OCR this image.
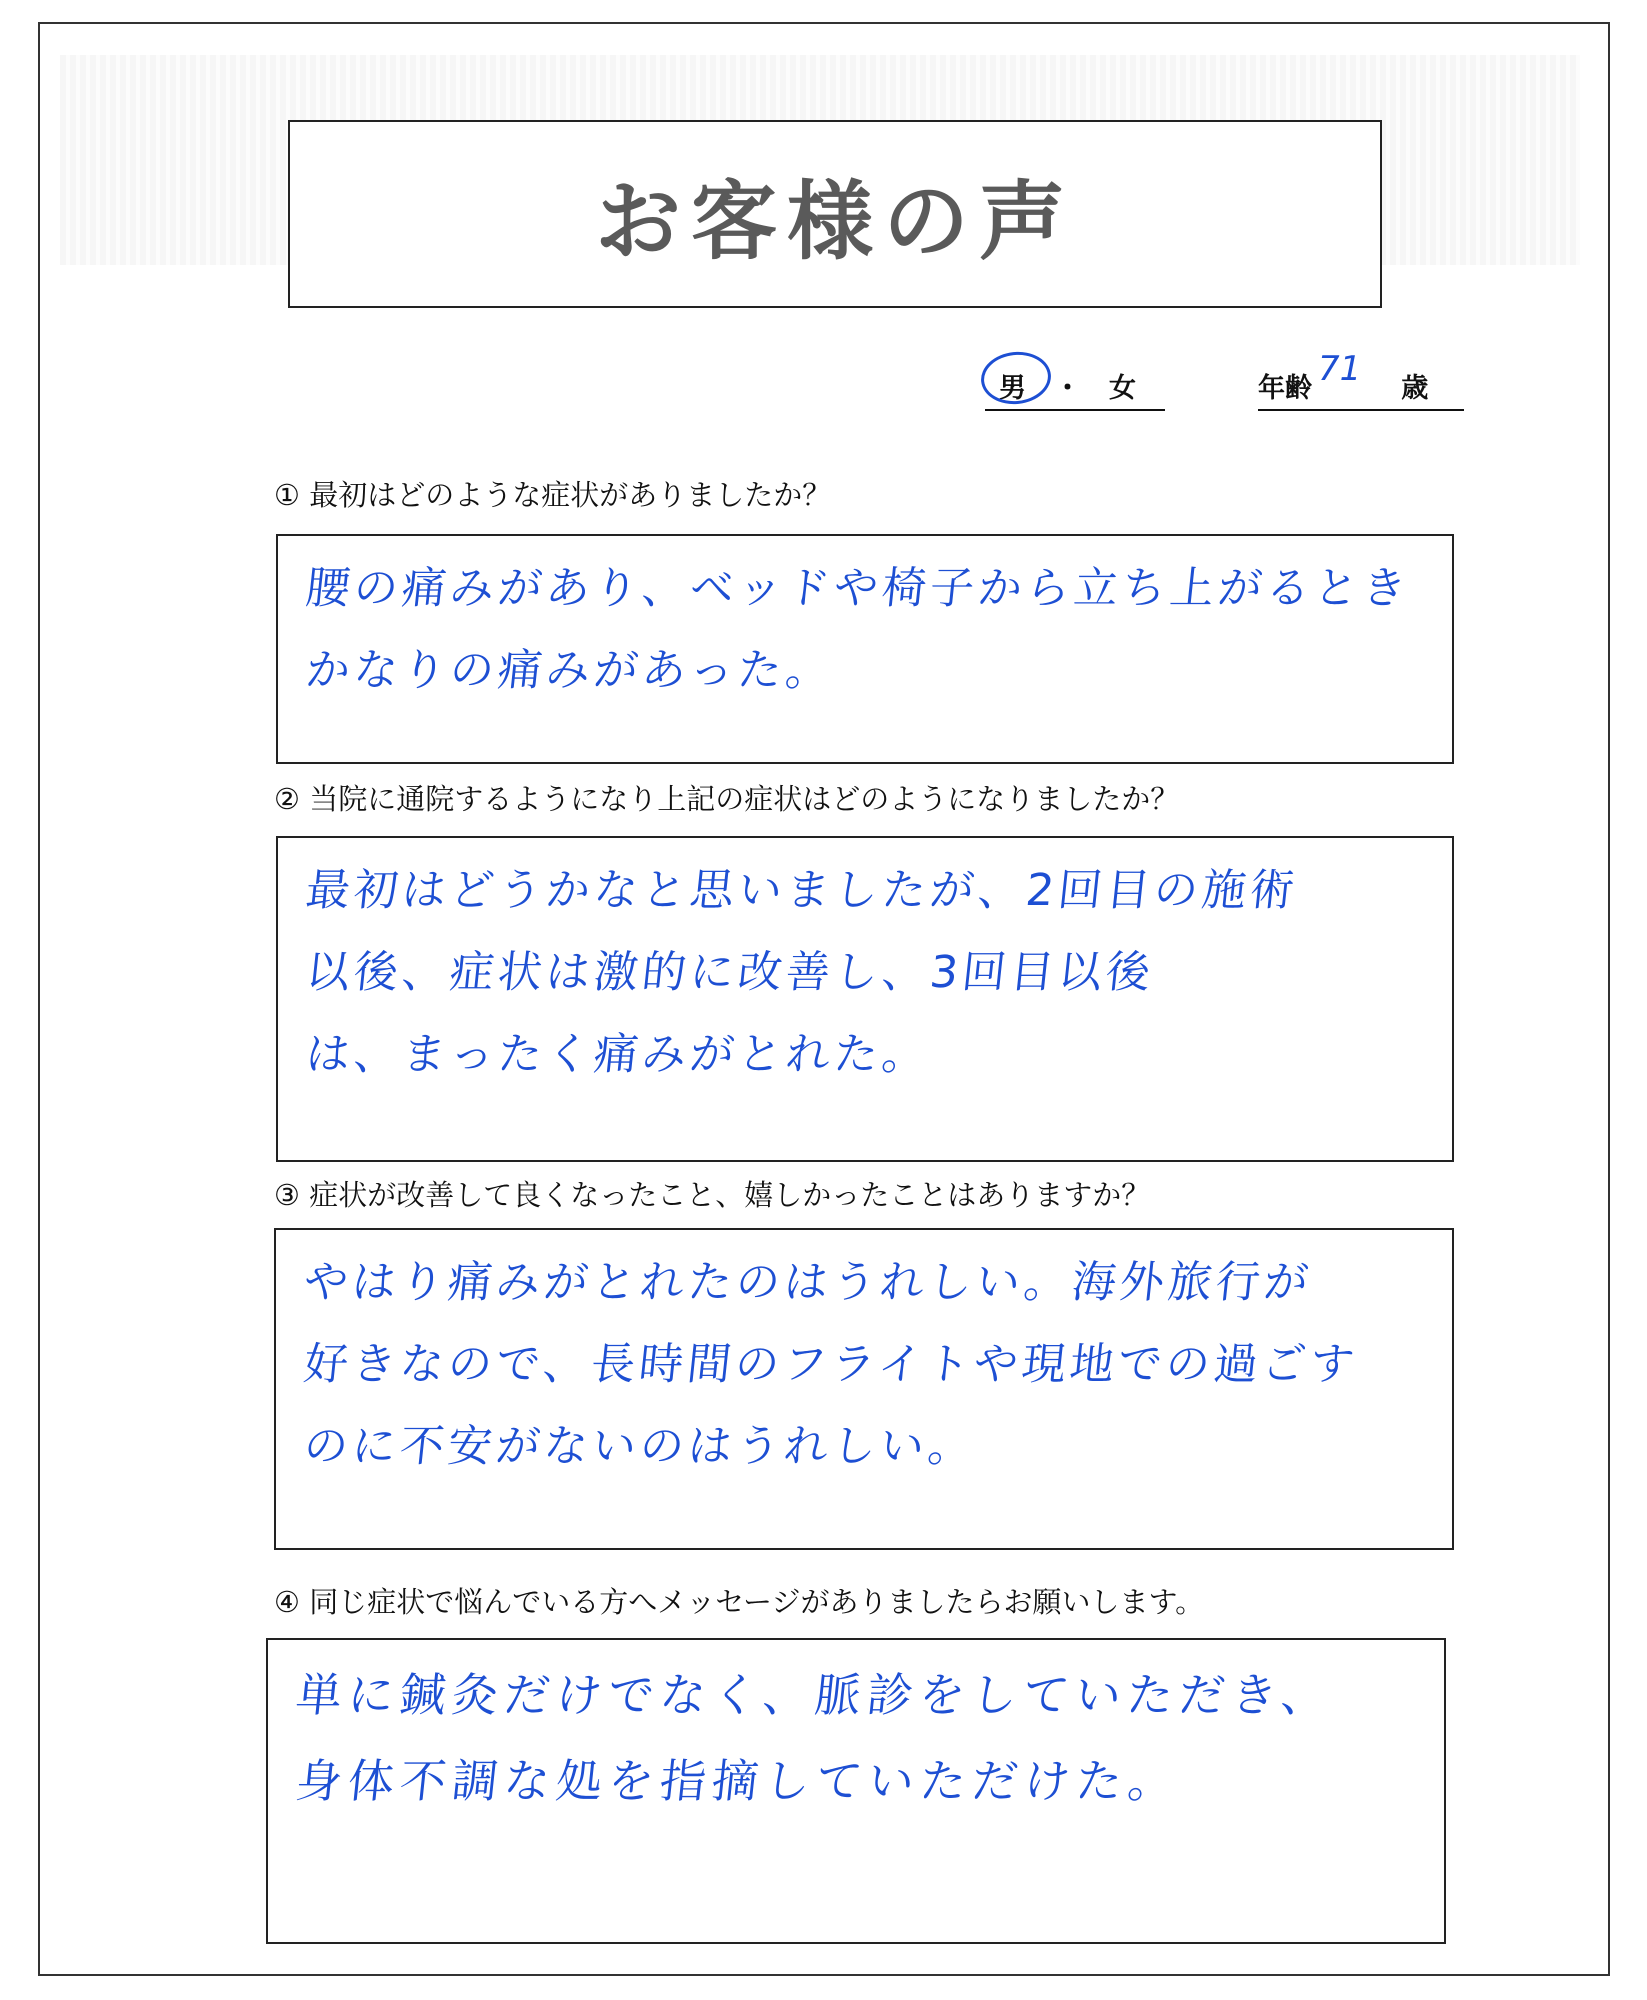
お客様の声
男 ・ 女	年齢 71 歳
① 最初はどのような症状がありましたか？
腰の痛みがあり、ベッドや椅子から立ち上がるとき
かなりの痛みがあった。
② 当院に通院するようになり上記の症状はどのようになりましたか？
最初はどうかなと思いましたが、2回目の施術
以後、症状は激的に改善し、3回目以後
は、まったく痛みがとれた。
③ 症状が改善して良くなったこと、嬉しかったことはありますか？
やはり痛みがとれたのはうれしい。海外旅行が
好きなので、長時間のフライトや現地での過ごす
のに不安がないのはうれしい。
④ 同じ症状で悩んでいる方へメッセージがありましたらお願いします。
単に鍼灸だけでなく、脈診をしていただき、
身体不調な処を指摘していただけた。
